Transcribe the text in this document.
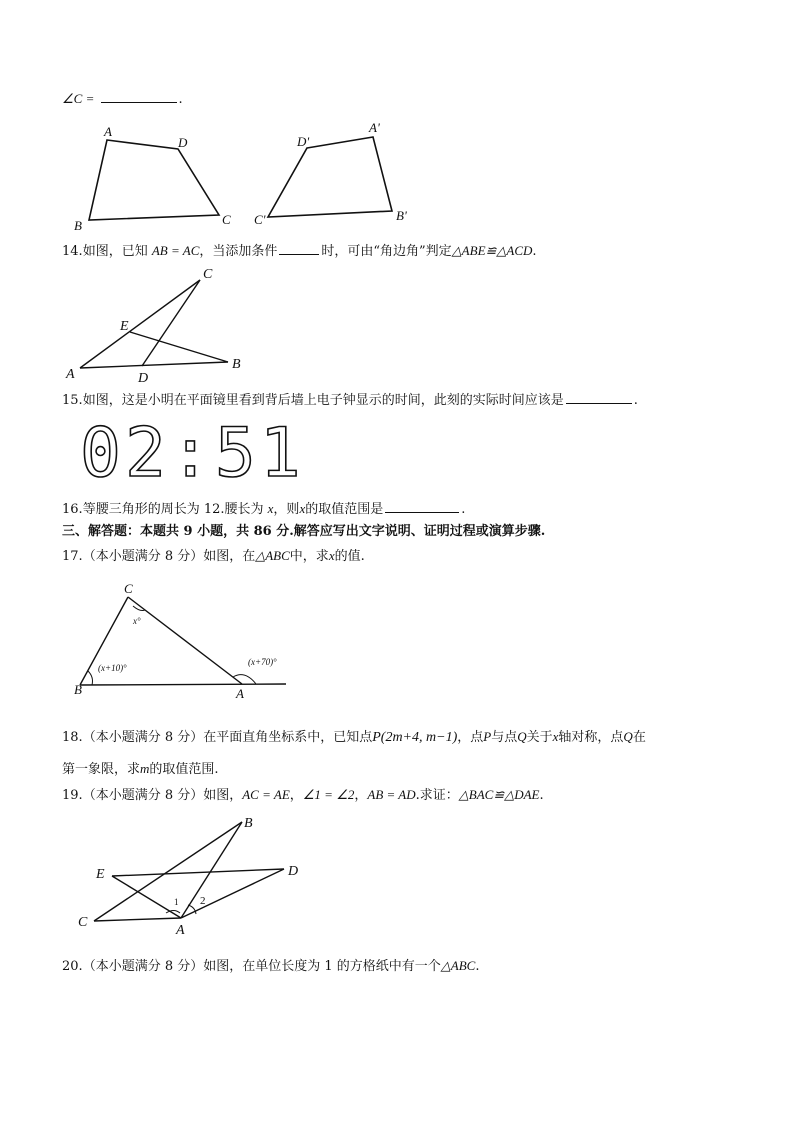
∠C =	.
A
D
B	C
D'
A'
C'	B'
14.如图，已知 AB = AC，当添加条件	时，可由“角边角”判定△ABE≌△ACD.
C
E
A	D
B
15.如图，这是小明在平面镜里看到背后墙上电子钟显示的时间，此刻的实际时间应该是	.
02:51
16.等腰三角形的周长为 12.腰长为 x，则x的取值范围是	.
三、解答题：本题共 9 小题，共 86 分.解答应写出文字说明、证明过程或演算步骤.
17.（本小题满分 8 分）如图，在△ABC中，求x的值.
C
B	A
x°
(x+10)°
(x+70)°
18.（本小题满分 8 分）在平面直角坐标系中，已知点P(2m+4, m−1)，点P与点Q关于x轴对称，点Q在
第一象限，求m的取值范围.
19.（本小题满分 8 分）如图，AC = AE，∠1 = ∠2，AB = AD.求证：△BAC≌△DAE.
B
E	D
C
A
1 2
20.（本小题满分 8 分）如图，在单位长度为 1 的方格纸中有一个△ABC.
